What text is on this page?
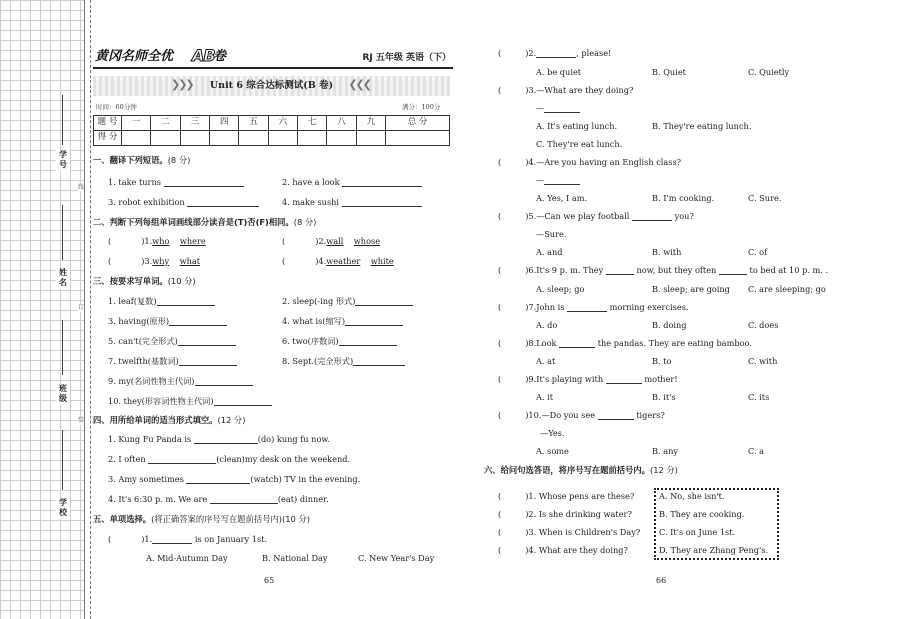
学号
姓名
班级
学校
线
订
装
黄冈名师全优 AB
卷	RJ 五年级 英语（下）
❯❯❯	Unit 6 综合达标测试(B 卷)	❮❮❮
时间：60分钟	满分：100分
题 号	一	二	三	四	五	六	七	八	九	总 分
得 分										
一、翻译下列短语。(8 分)
1. take turns	2. have a look
3. robot exhibition	4. make sushi
二、判断下列每组单词画线部分读音是(T)否(F)相同。(8 分)
(	)1.who where	(	)2.wall whose
(	)3.why what	(	)4.weather white
三、按要求写单词。(10 分)
1. leaf(复数)	2. sleep(-ing 形式)
3. having(原形)	4. what is(缩写)
5. can't(完全形式)	6. two(序数词)
7. twelfth(基数词)	8. Sept.(完全形式)
9. my(名词性物主代词)
10. they(形容词性物主代词)
四、用所给单词的适当形式填空。(12 分)
1. Kung Fu Panda is	(do) kung fu now.
2. I often	(clean)my desk on the weekend.
3. Amy sometimes	(watch) TV in the evening.
4. It's 6:30 p. m. We are	(eat) dinner.
五、单项选择。(将正确答案的序号写在题前括号内)(10 分)
(	)1.	is on January 1st.
A. Mid-Autumn Day	B. National Day	C. New Year's Day
65
(	)2.	, please!
A. be quiet	B. Quiet	C. Quietly
(	)3.—What are they doing?
—
A. It's eating lunch.	B. They're eating lunch.
C. They're eat lunch.
(	)4.—Are you having an English class?
—
A. Yes, I am.	B. I'm cooking.	C. Sure.
(	)5.—Can we play football	you?
—Sure.
A. and	B. with	C. of
(	)6.It's 9 p. m. They	now, but they often	to bed at 10 p. m. .
A. sleep; go	B. sleep; are going C. are sleeping; go
(	)7.John is	morning exercises.
A. do	B. doing	C. does
(	)8.Look	the pandas. They are eating bamboo.
A. at	B. to	C. with
(	)9.It's playing with	mother!
A. it	B. it's	C. its
(	)10.—Do you see	tigers?
—Yes.
A. some	B. any	C. a
六、给问句选答语，将序号写在题前括号内。(12 分)
(	)1. Whose pens are these?
(	)2. Is she drinking water?
(	)3. When is Children's Day?
(	)4. What are they doing?
A. No, she isn't.
B. They are cooking.
C. It's on June 1st.
D. They are Zhang Peng's.
66
